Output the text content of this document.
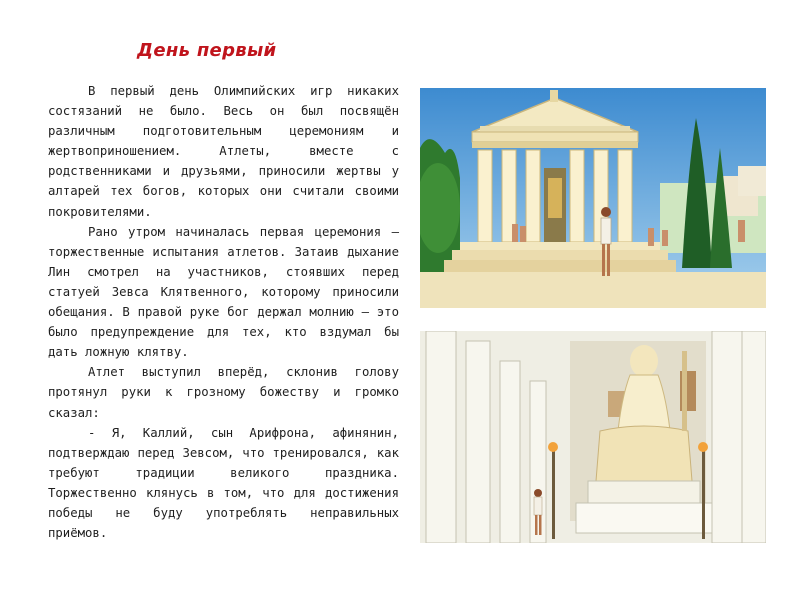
День первый

В первый день Олимпийских игр никаких состязаний не было. Весь он был посвящён различным подготовительным церемониям и жертвоприношением. Атлеты, вместе с родственниками и друзьями, приносили жертвы у алтарей тех богов, которых они считали своими покровителями.

Рано утром начиналась первая церемония – торжественные испытания атлетов. Затаив дыхание Лин смотрел на участников, стоявших перед статуей Зевса Клятвенного, которому приносили обещания. В правой руке бог держал молнию – это было предупреждение для тех, кто вздумал бы дать ложную клятву.

Атлет выступил вперёд, склонив голову протянул руки к грозному божеству и громко сказал:

- Я, Каллий, сын Арифрона, афинянин, подтверждаю перед Зевсом, что тренировался, как требуют традиции великого праздника. Торжественно клянусь в том, что для достижения победы не буду употреблять неправильных приёмов.
